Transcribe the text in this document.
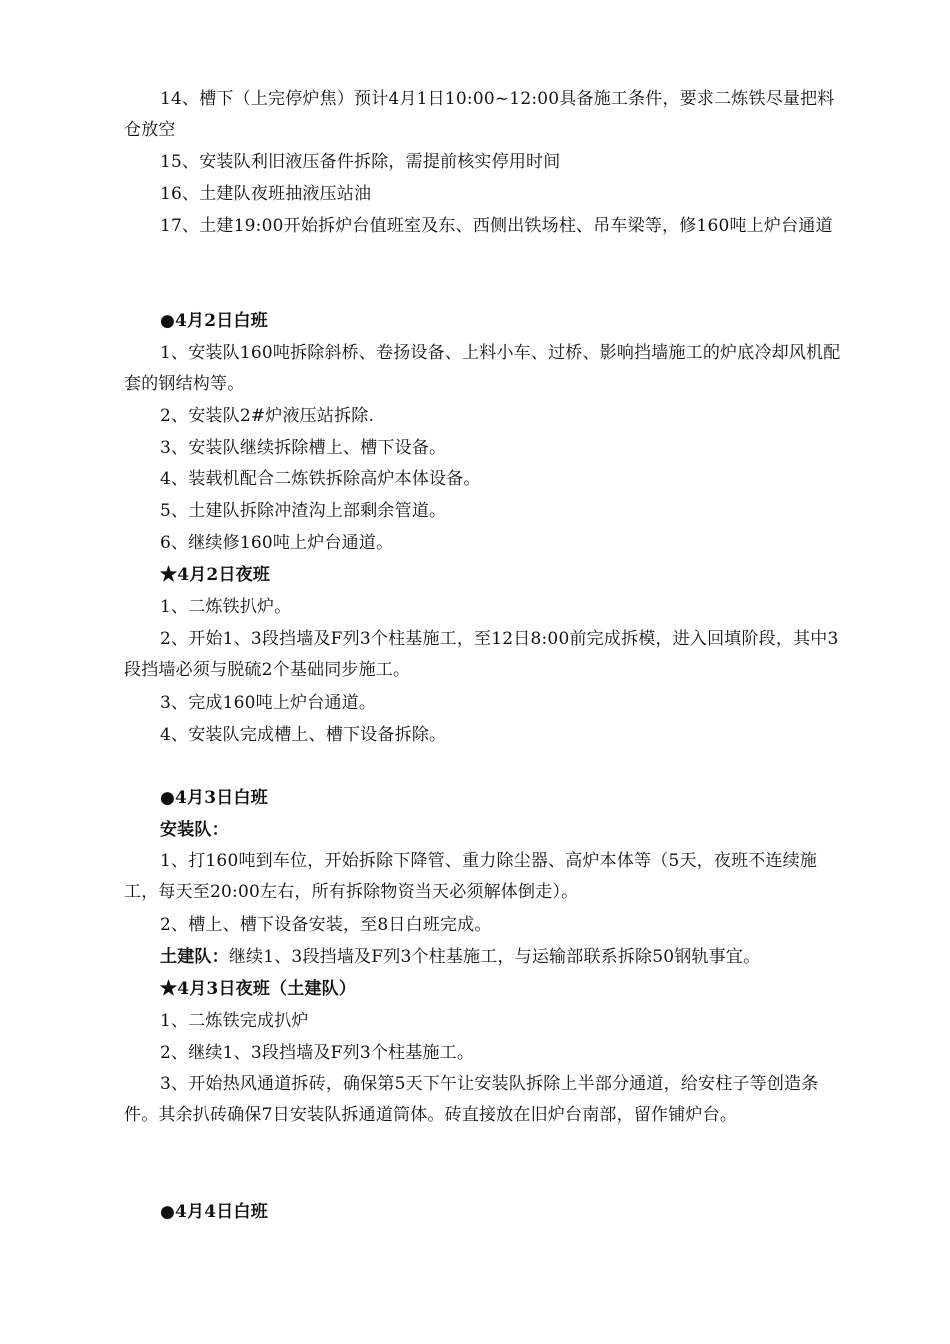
14、槽下（上完停炉焦）预计4月1日10:00~12:00具备施工条件，要求二炼铁尽量把料仓放空

15、安装队利旧液压备件拆除，需提前核实停用时间

16、土建队夜班抽液压站油

17、土建19:00开始拆炉台值班室及东、西侧出铁场柱、吊车梁等，修160吨上炉台通道

●4月2日白班

1、安装队160吨拆除斜桥、卷扬设备、上料小车、过桥、影响挡墙施工的炉底冷却风机配套的钢结构等。

2、安装队2#炉液压站拆除.

3、安装队继续拆除槽上、槽下设备。

4、装载机配合二炼铁拆除高炉本体设备。

5、土建队拆除冲渣沟上部剩余管道。

6、继续修160吨上炉台通道。

★4月2日夜班

1、二炼铁扒炉。

2、开始1、3段挡墙及F列3个柱基施工，至12日8:00前完成拆模，进入回填阶段，其中3段挡墙必须与脱硫2个基础同步施工。

3、完成160吨上炉台通道。

4、安装队完成槽上、槽下设备拆除。

●4月3日白班

安装队：

1、打160吨到车位，开始拆除下降管、重力除尘器、高炉本体等（5天，夜班不连续施工，每天至20:00左右，所有拆除物资当天必须解体倒走）。

2、槽上、槽下设备安装，至8日白班完成。

土建队：继续1、3段挡墙及F列3个柱基施工，与运输部联系拆除50钢轨事宜。

★4月3日夜班（土建队）

1、二炼铁完成扒炉

2、继续1、3段挡墙及F列3个柱基施工。

3、开始热风通道拆砖，确保第5天下午让安装队拆除上半部分通道，给安柱子等创造条件。其余扒砖确保7日安装队拆通道筒体。砖直接放在旧炉台南部，留作铺炉台。

●4月4日白班
